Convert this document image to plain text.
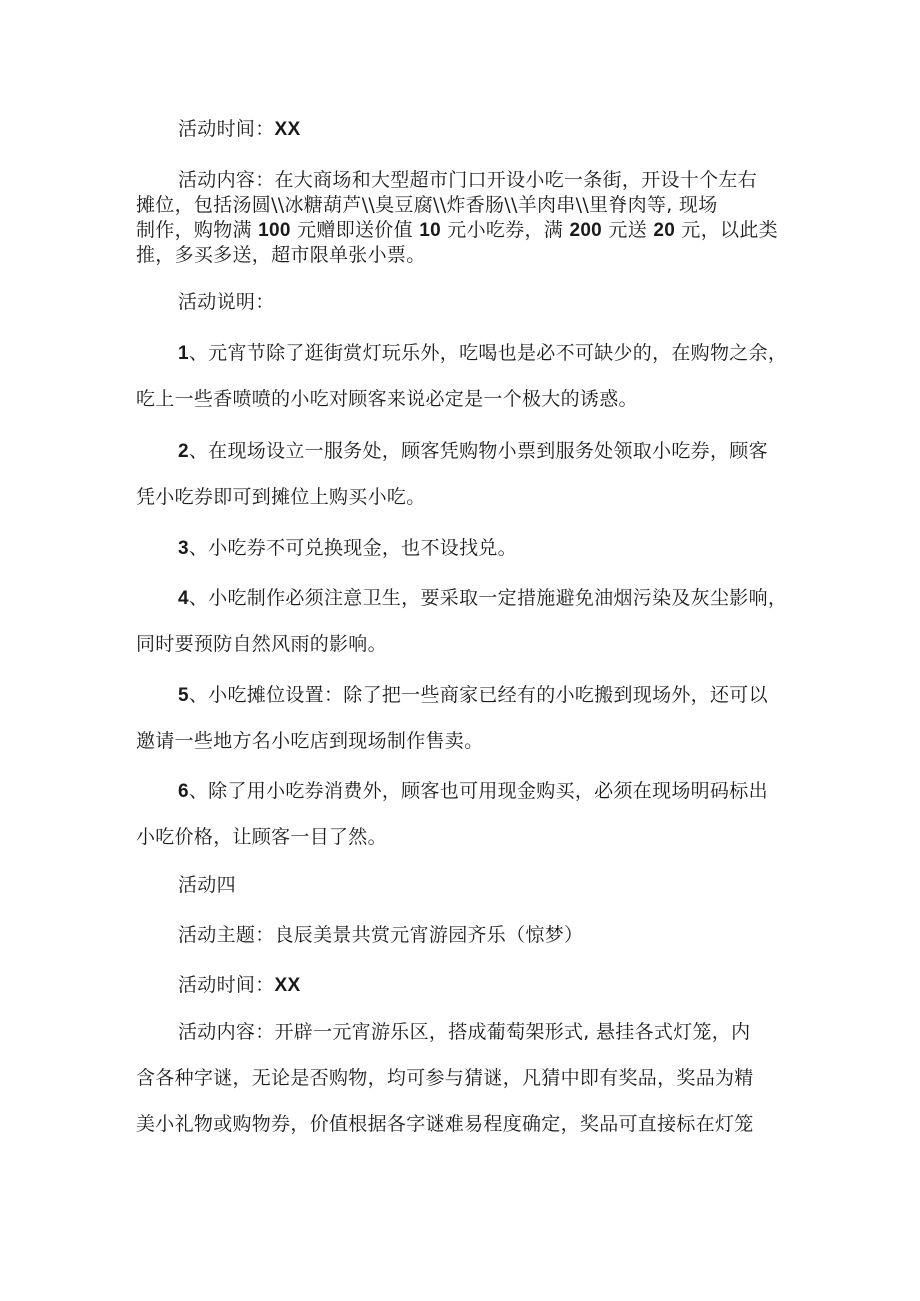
活动时间：XX
活动内容：在大商场和大型超市门口开设小吃一条街，开设十个左右
摊位，包括汤圆\\冰糖葫芦\\臭豆腐\\炸香肠\\羊肉串\\里脊肉等, 现场
制作，购物满 100 元赠即送价值 10 元小吃券，满 200 元送 20 元，以此类
推，多买多送，超市限单张小票。
活动说明：
1、元宵节除了逛街赏灯玩乐外，吃喝也是必不可缺少的，在购物之余，
吃上一些香喷喷的小吃对顾客来说必定是一个极大的诱惑。
2、在现场设立一服务处，顾客凭购物小票到服务处领取小吃券，顾客
凭小吃券即可到摊位上购买小吃。
3、小吃券不可兑换现金，也不设找兑。
4、小吃制作必须注意卫生，要采取一定措施避免油烟污染及灰尘影响，
同时要预防自然风雨的影响。
5、小吃摊位设置：除了把一些商家已经有的小吃搬到现场外，还可以
邀请一些地方名小吃店到现场制作售卖。
6、除了用小吃券消费外，顾客也可用现金购买，必须在现场明码标出
小吃价格，让顾客一目了然。
活动四
活动主题：良辰美景共赏元宵游园齐乐（惊梦）
活动时间：XX
活动内容：开辟一元宵游乐区，搭成葡萄架形式, 悬挂各式灯笼，内
含各种字谜，无论是否购物，均可参与猜谜，凡猜中即有奖品，奖品为精
美小礼物或购物券，价值根据各字谜难易程度确定，奖品可直接标在灯笼
